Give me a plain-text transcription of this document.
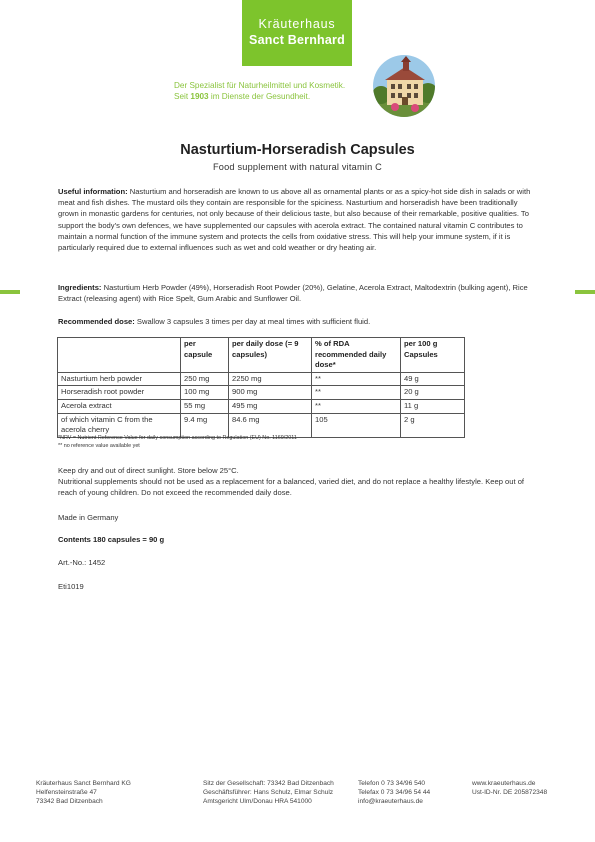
Kräuterhaus
Sanct Bernhard
Der Spezialist für Naturheilmittel und Kosmetik.
Seit 1903 im Dienste der Gesundheit.
Nasturtium-Horseradish Capsules
Food supplement with natural vitamin C
Useful information: Nasturtium and horseradish are known to us above all as ornamental plants or as a spicy-hot side dish in salads or with meat and fish dishes. The mustard oils they contain are responsible for the spiciness. Nasturtium and horseradish have been traditionally grown in monastic gardens for centuries, not only because of their delicious taste, but also because of their remarkable, positive qualities. To support the body’s own defences, we have supplemented our capsules with acerola extract. The contained natural vitamin C contributes to maintain a normal function of the immune system and protects the cells from oxidative stress. This will help your immune system, if it is particularly required due to external influences such as wet and cold weather or dry heating air.
Ingredients: Nasturtium Herb Powder (49%), Horseradish Root Powder (20%), Gelatine, Acerola Extract, Maltodextrin (bulking agent), Rice Extract (releasing agent) with Rice Spelt, Gum Arabic and Sunflower Oil.
Recommended dose: Swallow 3 capsules 3 times per day at meal times with sufficient fluid.
	per capsule	per daily dose (= 9 capsules)	% of RDA recommended daily dose*	per 100 g Capsules
Nasturtium herb powder	250 mg	2250 mg	**	49 g
Horseradish root powder	100 mg	900 mg	**	20 g
Acerola extract	55 mg	495 mg	**	11 g
of which vitamin C from the acerola cherry	9.4 mg	84.6 mg	105	2 g
*NRV = Nutrient Reference Value for daily consumption according to Regulation (EU) No. 1169/2011
** no reference value available yet
Keep dry and out of direct sunlight. Store below 25°C.
Nutritional supplements should not be used as a replacement for a balanced, varied diet, and do not replace a healthy lifestyle. Keep out of reach of young children. Do not exceed the recommended daily dose.
Made in Germany
Contents 180 capsules = 90 g
Art.-No.: 1452
Eti1019
Kräuterhaus Sanct Bernhard KG
Helfensteinstraße 47
73342 Bad Ditzenbach
Sitz der Gesellschaft: 73342 Bad Ditzenbach
Geschäftsführer: Hans Schulz, Elmar Schulz
Amtsgericht Ulm/Donau HRA 541000
Telefon 0 73 34/96 540
Telefax 0 73 34/96 54 44
info@kraeuterhaus.de
www.kraeuterhaus.de
Ust-ID-Nr. DE 205872348
